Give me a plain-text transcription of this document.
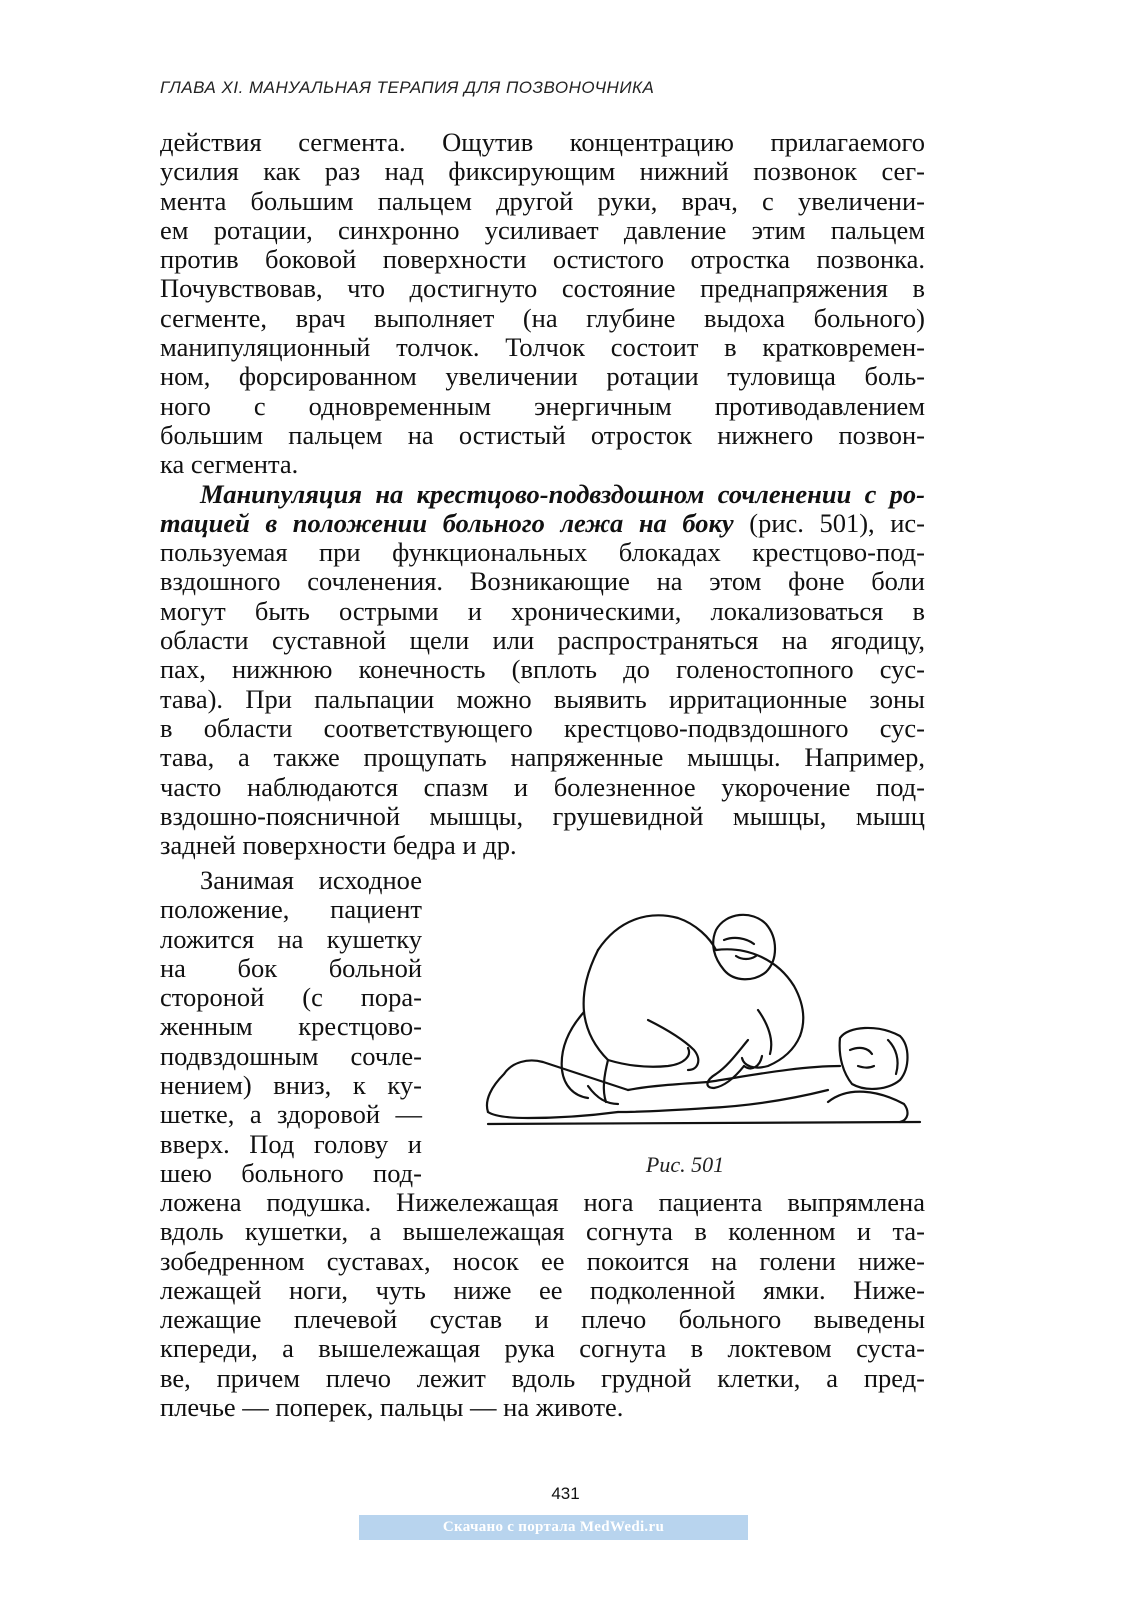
ГЛАВА XI. МАНУАЛЬНАЯ ТЕРАПИЯ ДЛЯ ПОЗВОНОЧНИКА
действия сегмента. Ощутив концентрацию прилагаемого
усилия как раз над фиксирующим нижний позвонок сег-
мента большим пальцем другой руки, врач, с увеличени-
ем ротации, синхронно усиливает давление этим пальцем
против боковой поверхности остистого отростка позвонка.
Почувствовав, что достигнуто состояние преднапряжения в
сегменте, врач выполняет (на глубине выдоха больного)
манипуляционный толчок. Толчок состоит в кратковремен-
ном, форсированном увеличении ротации туловища боль-
ного с одновременным энергичным противодавлением
большим пальцем на остистый отросток нижнего позвон-
ка сегмента.
Манипуляция на крестцово-подвздошном сочленении с ро-
тацией в положении больного лежа на боку (рис. 501), ис-
пользуемая при функциональных блокадах крестцово-под-
вздошного сочленения. Возникающие на этом фоне боли
могут быть острыми и хроническими, локализоваться в
области суставной щели или распространяться на ягодицу,
пах, нижнюю конечность (вплоть до голеностопного сус-
тава). При пальпации можно выявить ирритационные зоны
в области соответствующего крестцово-подвздошного сус-
тава, а также прощупать напряженные мышцы. Например,
часто наблюдаются спазм и болезненное укорочение под-
вздошно-поясничной мышцы, грушевидной мышцы, мышц
задней поверхности бедра и др.
Занимая исходное
положение, пациент
ложится на кушетку
на бок больной
стороной (с пора-
женным крестцово-
подвздошным сочле-
нением) вниз, к ку-
шетке, а здоровой —
вверх. Под голову и
шею больного под-	Рис. 501
ложена подушка. Нижележащая нога пациента выпрямлена
вдоль кушетки, а вышележащая согнута в коленном и та-
зобедренном суставах, носок ее покоится на голени ниже-
лежащей ноги, чуть ниже ее подколенной ямки. Ниже-
лежащие плечевой сустав и плечо больного выведены
кпереди, а вышележащая рука согнута в локтевом суста-
ве, причем плечо лежит вдоль грудной клетки, а пред-
плечье — поперек, пальцы — на животе.
431
Скачано с портала MedWedi.ru
